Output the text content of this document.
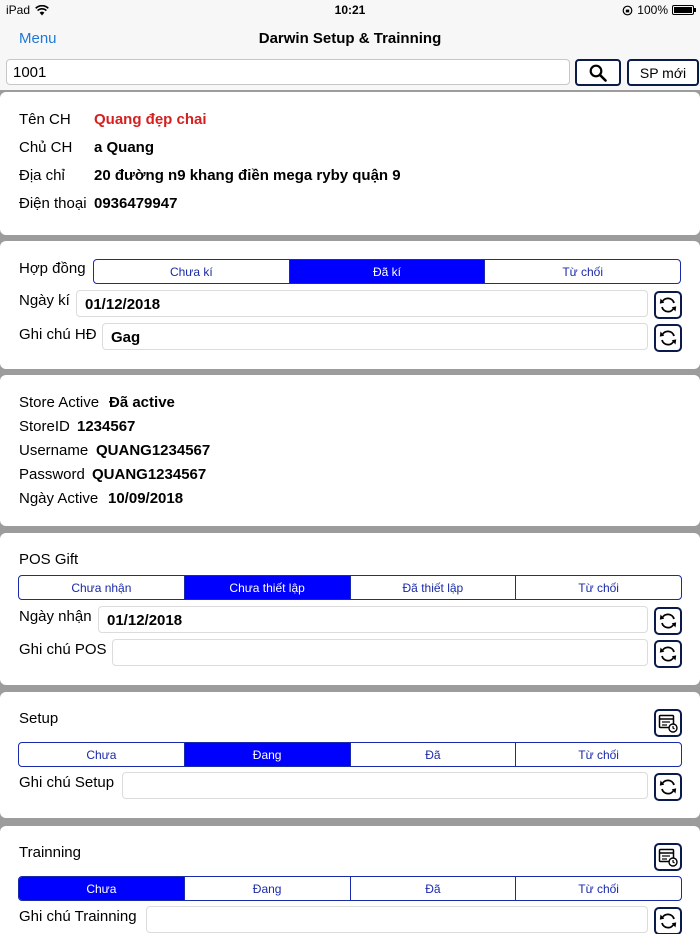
iPad	10:21	100%
Menu	Darwin Setup & Trainning
1001
SP mới
Tên CH Quang đẹp chai
Chủ CH a Quang
Địa chỉ 20 đường n9 khang điền mega ryby quận 9
Điện thoại 0936479947
Hợp đồng	Chưa kí	Đã kí	Từ chối
Ngày kí	01/12/2018
Ghi chú HĐ Gag
Store Active Đã active
StoreID 1234567
Username QUANG1234567
Password QUANG1234567
Ngày Active 10/09/2018
POS Gift
Chưa nhận	Chưa thiết lập	Đã thiết lập	Từ chối
Ngày nhận	01/12/2018
Ghi chú POS
Setup
Chưa	Đang	Đã	Từ chối
Ghi chú Setup
Trainning
Chưa	Đang	Đã	Từ chối
Ghi chú Trainning
